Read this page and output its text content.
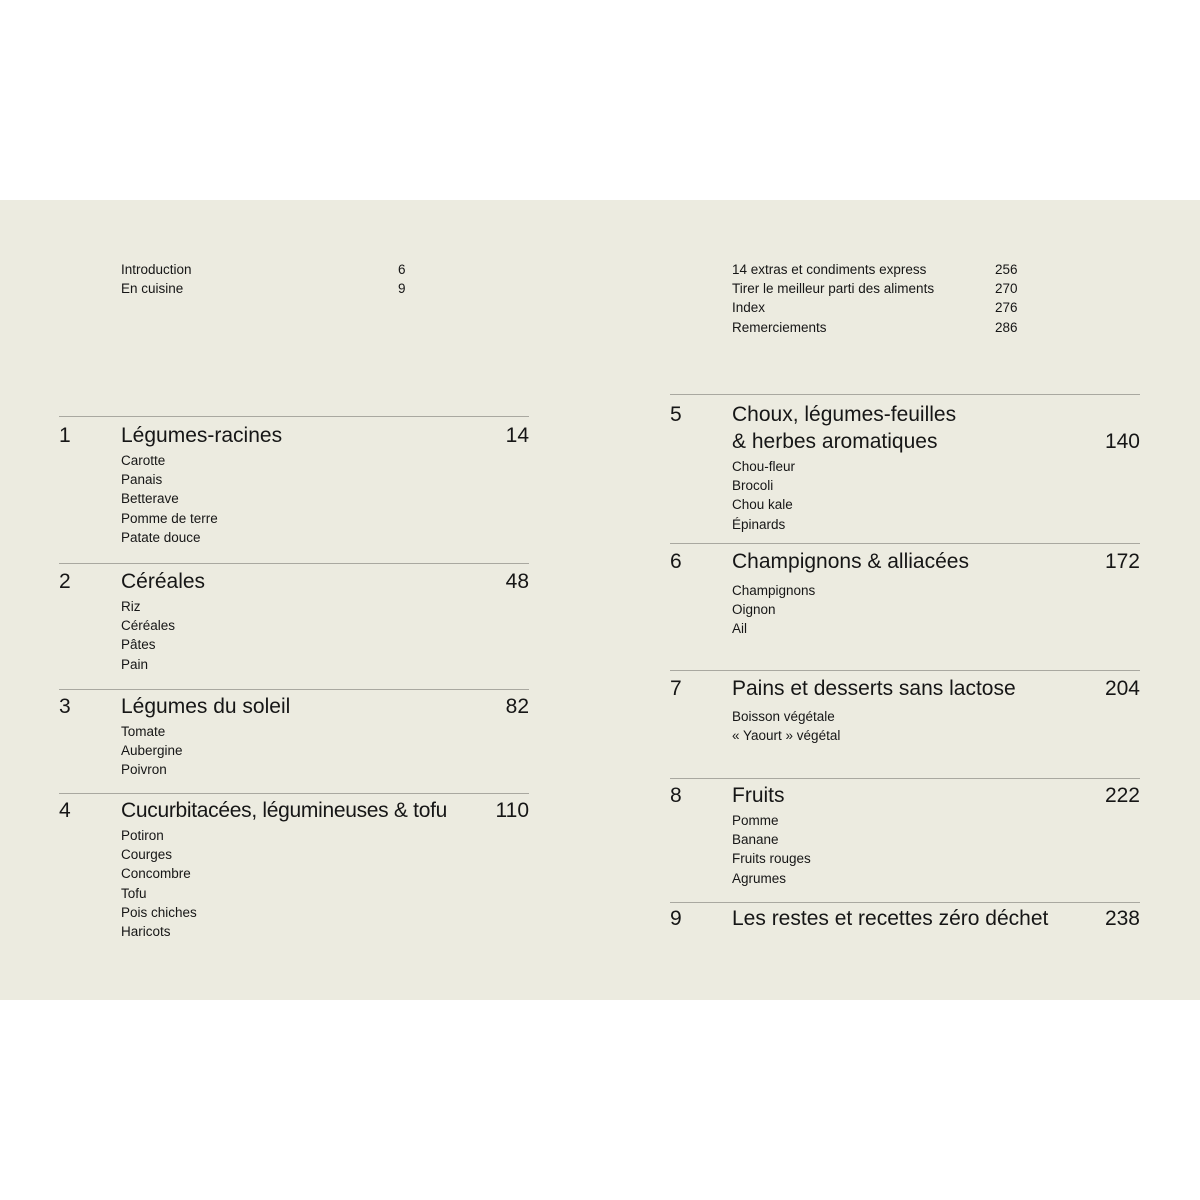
Introduction	6
En cuisine	9
14 extras et condiments express	256
Tirer le meilleur parti des aliments	270
Index	276
Remerciements	286
1 Légumes-racines	14
Carotte
Panais
Betterave
Pomme de terre
Patate douce
2 Céréales	48
Riz
Céréales
Pâtes
Pain
3 Légumes du soleil	82
Tomate
Aubergine
Poivron
4 Cucurbitacées, légumineuses & tofu 110
Potiron
Courges
Concombre
Tofu
Pois chiches
Haricots
5 Choux, légumes-feuilles
& herbes aromatiques	140
Chou-fleur
Brocoli
Chou kale
Épinards
6 Champignons & alliacées	172
Champignons
Oignon
Ail
7 Pains et desserts sans lactose	204
Boisson végétale
« Yaourt » végétal
8 Fruits	222
Pomme
Banane
Fruits rouges
Agrumes
9 Les restes et recettes zéro déchet	238
